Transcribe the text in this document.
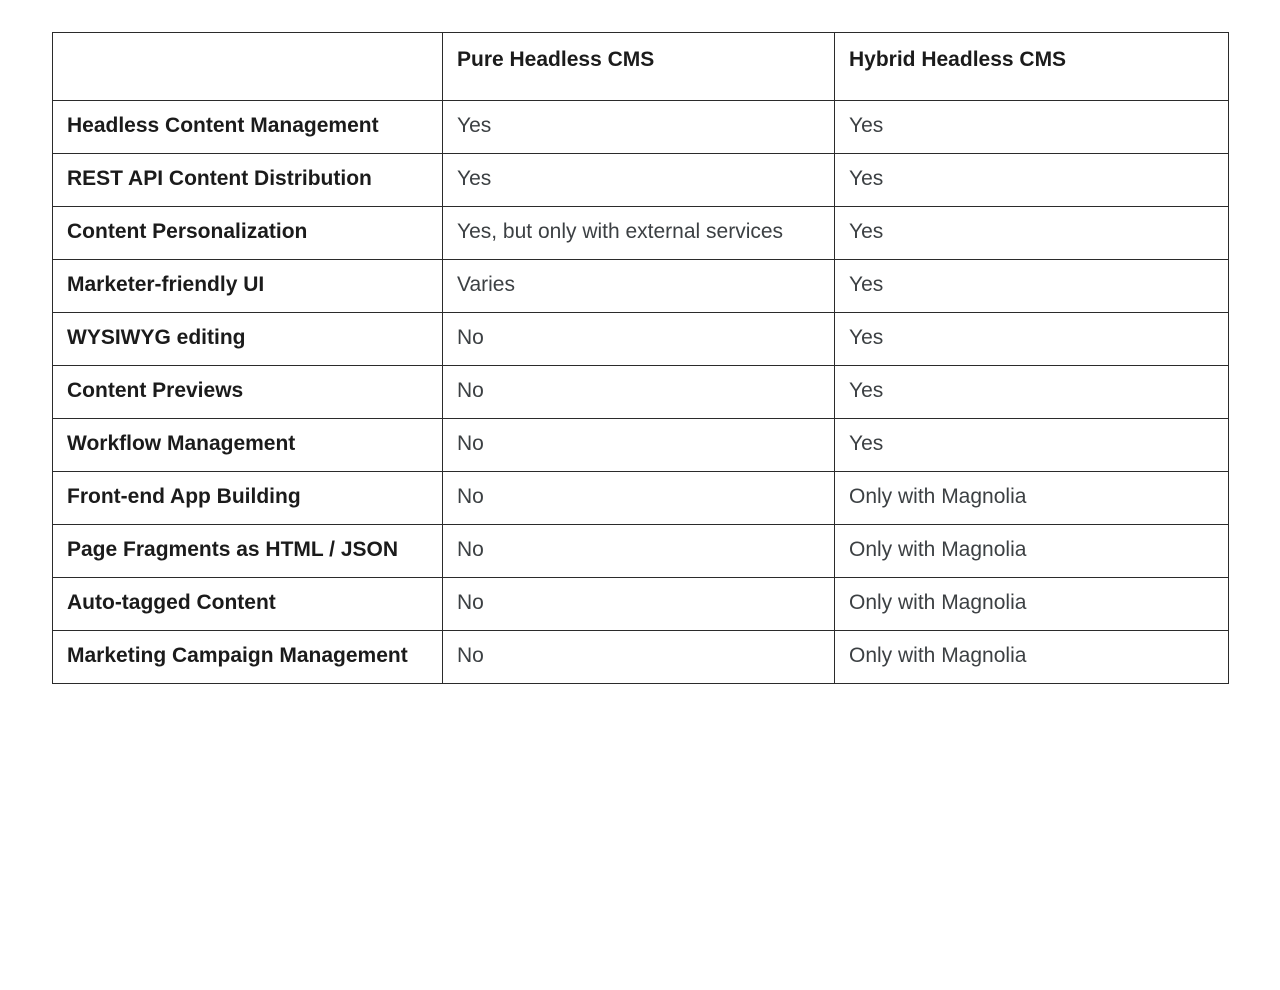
	Pure Headless CMS	Hybrid Headless CMS
Headless Content Management	Yes	Yes
REST API Content Distribution	Yes	Yes
Content Personalization	Yes, but only with external services	Yes
Marketer-friendly UI	Varies	Yes
WYSIWYG editing	No	Yes
Content Previews	No	Yes
Workflow Management	No	Yes
Front-end App Building	No	Only with Magnolia
Page Fragments as HTML / JSON	No	Only with Magnolia
Auto-tagged Content	No	Only with Magnolia
Marketing Campaign Management	No	Only with Magnolia
